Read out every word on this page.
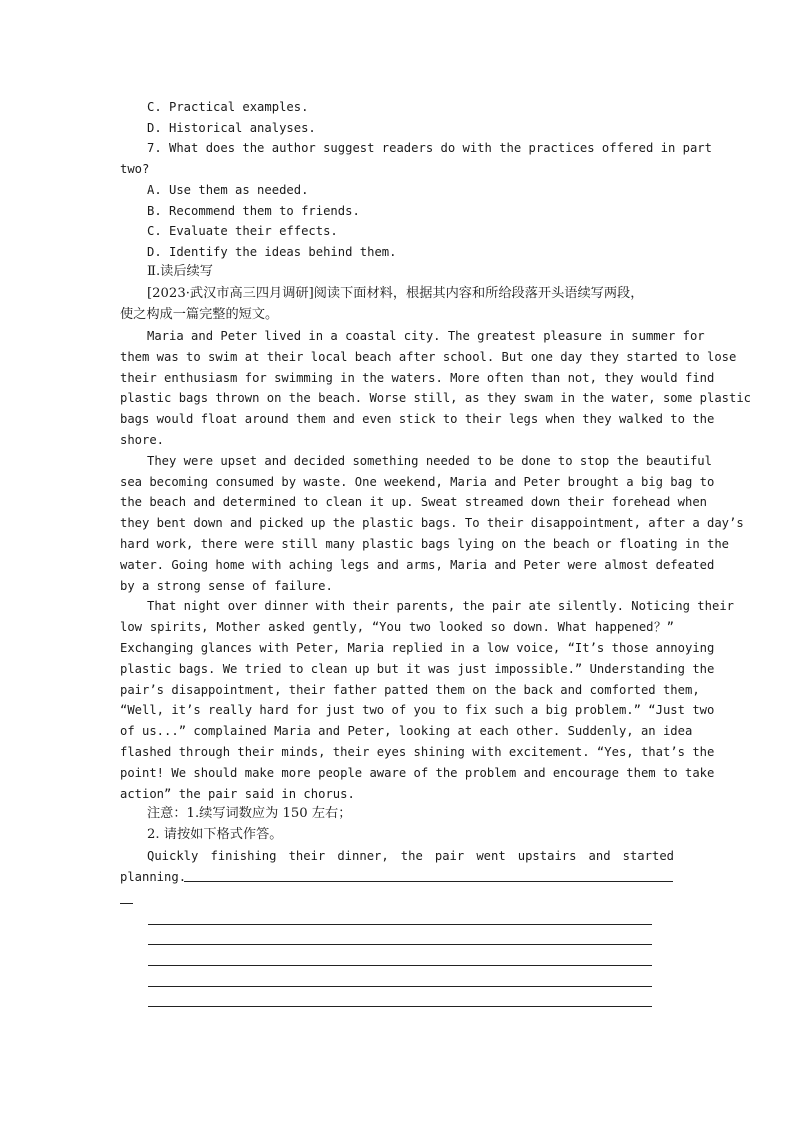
C. Practical examples.
D. Historical analyses.
7. What does the author suggest readers do with the practices offered in part
two?
A. Use them as needed.
B. Recommend them to friends.
C. Evaluate their effects.
D. Identify the ideas behind them.
Ⅱ.读后续写
[2023·武汉市高三四月调研]阅读下面材料，根据其内容和所给段落开头语续写两段，
使之构成一篇完整的短文。
Maria and Peter lived in a coastal city. The greatest pleasure in summer for
them was to swim at their local beach after school. But one day they started to lose
their enthusiasm for swimming in the waters. More often than not, they would find
plastic bags thrown on the beach. Worse still, as they swam in the water, some plastic
bags would float around them and even stick to their legs when they walked to the
shore.
They were upset and decided something needed to be done to stop the beautiful
sea becoming consumed by waste. One weekend, Maria and Peter brought a big bag to
the beach and determined to clean it up. Sweat streamed down their forehead when
they bent down and picked up the plastic bags. To their disappointment, after a day’s
hard work, there were still many plastic bags lying on the beach or floating in the
water. Going home with aching legs and arms, Maria and Peter were almost defeated
by a strong sense of failure.
That night over dinner with their parents, the pair ate silently. Noticing their
low spirits, Mother asked gently, “You two looked so down. What happened？”
Exchanging glances with Peter, Maria replied in a low voice, “It’s those annoying
plastic bags. We tried to clean up but it was just impossible.” Understanding the
pair’s disappointment, their father patted them on the back and comforted them,
“Well, it’s really hard for just two of you to fix such a big problem.” “Just two
of us...” complained Maria and Peter, looking at each other. Suddenly, an idea
flashed through their minds, their eyes shining with excitement. “Yes, that’s the
point! We should make more people aware of the problem and encourage them to take
action” the pair said in chorus.
注意：1.续写词数应为 150 左右；
2. 请按如下格式作答。
Quickly finishing their dinner, the pair went upstairs and started
planning.
